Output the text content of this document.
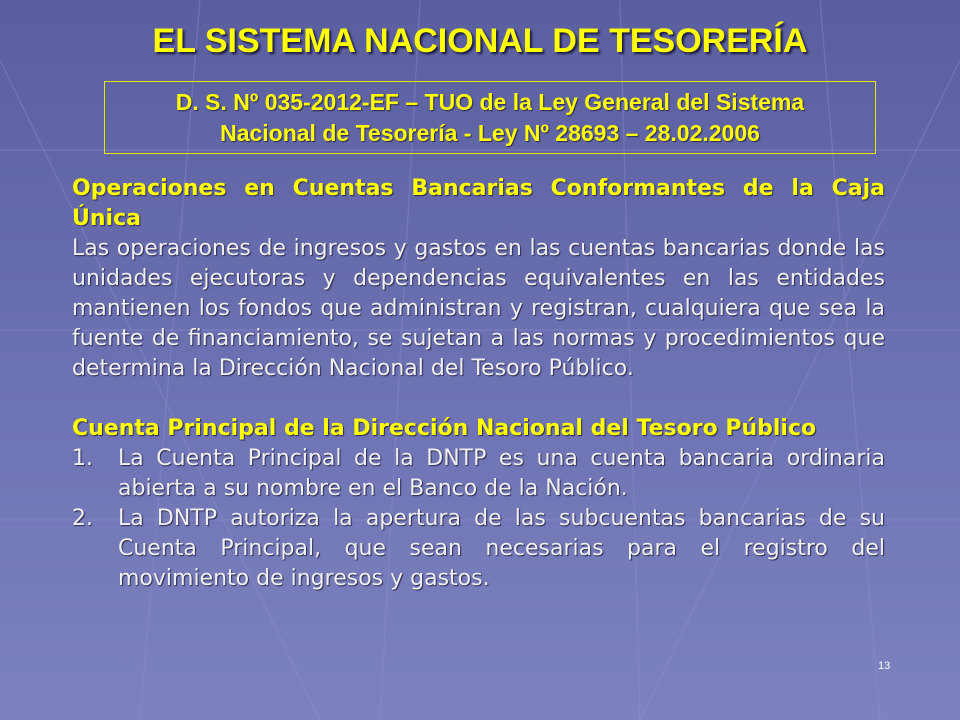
EL SISTEMA NACIONAL DE TESORERÍA
D. S. Nº 035-2012-EF – TUO de la Ley General del Sistema
Nacional de Tesorería - Ley Nº 28693 – 28.02.2006
Operaciones en Cuentas Bancarias Conformantes de la Caja Única

Las operaciones de ingresos y gastos en las cuentas bancarias donde las unidades ejecutoras y dependencias equivalentes en las entidades mantienen los fondos que administran y registran, cualquiera que sea la fuente de financiamiento, se sujetan a las normas y procedimientos que determina la Dirección Nacional del Tesoro Público.

Cuenta Principal de la Dirección Nacional del Tesoro Público
1.	La Cuenta Principal de la DNTP es una cuenta bancaria ordinaria abierta a su nombre en el Banco de la Nación.
2.	La DNTP autoriza la apertura de las subcuentas bancarias de su Cuenta Principal, que sean necesarias para el registro del movimiento de ingresos y gastos.
13
